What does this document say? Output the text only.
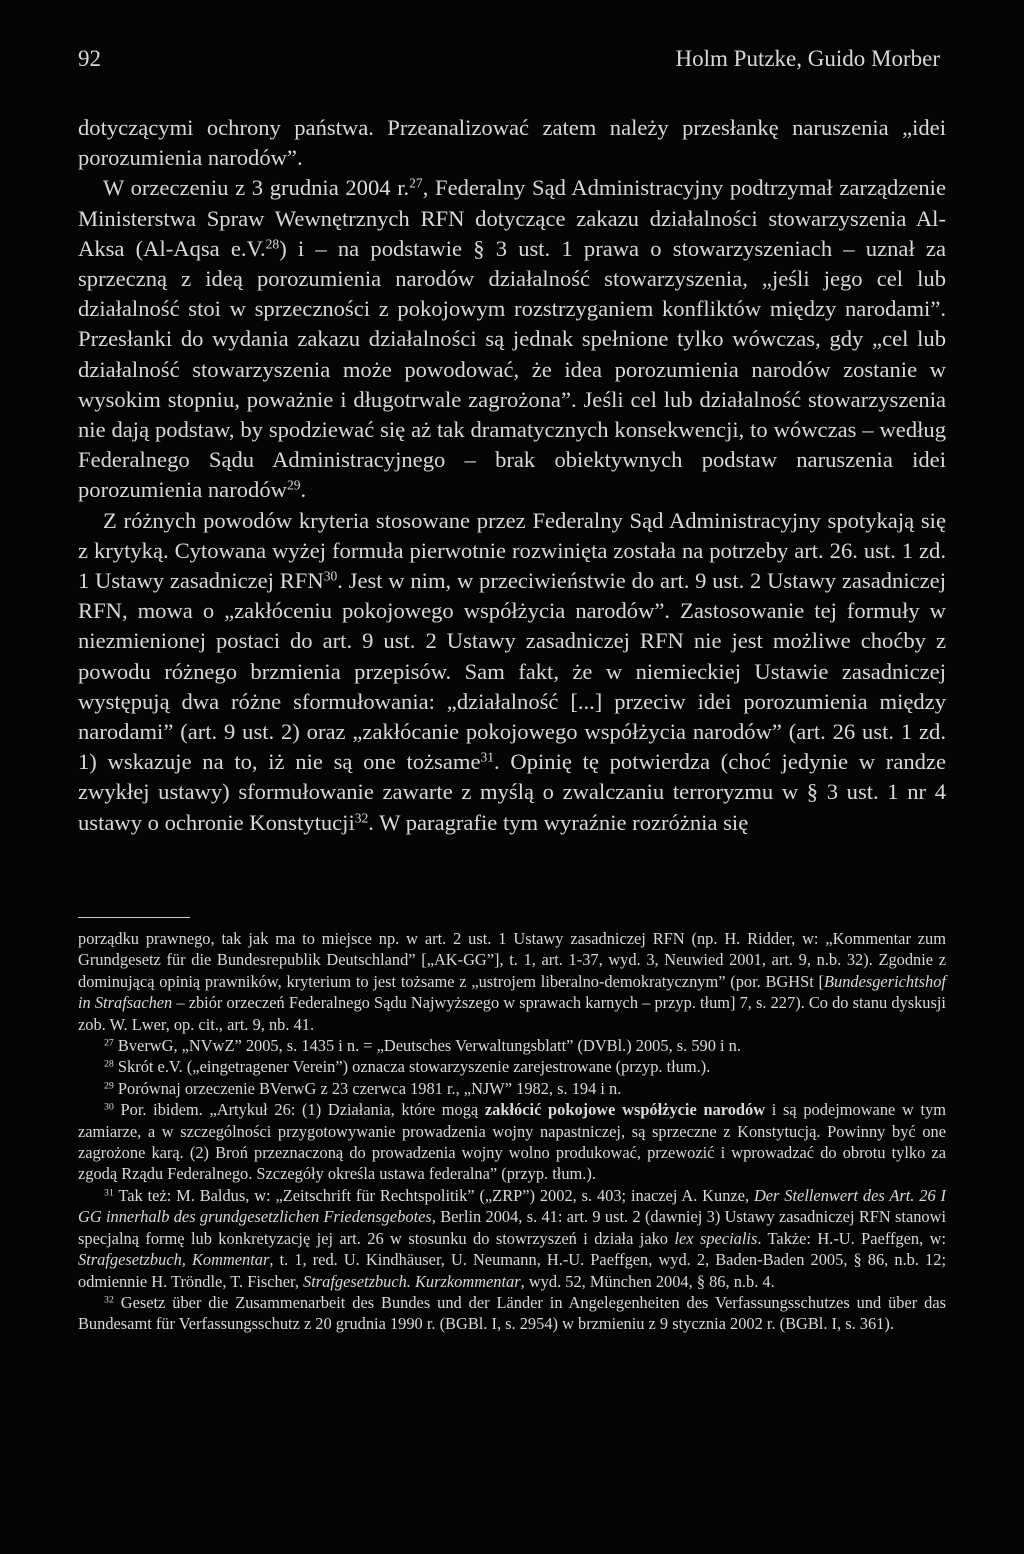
92	Holm Putzke, Guido Morber

dotyczącymi ochrony państwa. Przeanalizować zatem należy przesłankę naruszenia „idei porozumienia narodów”.

W orzeczeniu z 3 grudnia 2004 r.$^{27}$, Federalny Sąd Administracyjny podtrzymał zarządzenie Ministerstwa Spraw Wewnętrznych RFN dotyczące zakazu działalności stowarzyszenia Al-Aksa (Al-Aqsa e.V.$^{28}$) i – na podstawie § 3 ust. 1 prawa o stowarzyszeniach – uznał za sprzeczną z ideą porozumienia narodów działalność stowarzyszenia, „jeśli jego cel lub działalność stoi w sprzeczności z pokojowym rozstrzyganiem konfliktów między narodami”. Przesłanki do wydania zakazu działalności są jednak spełnione tylko wówczas, gdy „cel lub działalność stowarzyszenia może powodować, że idea porozumienia narodów zostanie w wysokim stopniu, poważnie i długotrwale zagrożona”. Jeśli cel lub działalność stowarzyszenia nie dają podstaw, by spodziewać się aż tak dramatycznych konsekwencji, to wówczas – według Federalnego Sądu Administracyjnego – brak obiektywnych podstaw naruszenia idei porozumienia narodów$^{29}$.

Z różnych powodów kryteria stosowane przez Federalny Sąd Administracyjny spotykają się z krytyką. Cytowana wyżej formuła pierwotnie rozwinięta została na potrzeby art. 26. ust. 1 zd. 1 Ustawy zasadniczej RFN$^{30}$. Jest w nim, w przeciwieństwie do art. 9 ust. 2 Ustawy zasadniczej RFN, mowa o „zakłóceniu pokojowego współżycia narodów”. Zastosowanie tej formuły w niezmienionej postaci do art. 9 ust. 2 Ustawy zasadniczej RFN nie jest możliwe choćby z powodu różnego brzmienia przepisów. Sam fakt, że w niemieckiej Ustawie zasadniczej występują dwa różne sformułowania: „działalność [...] przeciw idei porozumienia między narodami” (art. 9 ust. 2) oraz „zakłócanie pokojowego współżycia narodów” (art. 26 ust. 1 zd. 1) wskazuje na to, iż nie są one tożsame$^{31}$. Opinię tę potwierdza (choć jedynie w randze zwykłej ustawy) sformułowanie zawarte z myślą o zwalczaniu terroryzmu w § 3 ust. 1 nr 4 ustawy o ochronie Konstytucji$^{32}$. W paragrafie tym wyraźnie rozróżnia się

porządku prawnego, tak jak ma to miejsce np. w art. 2 ust. 1 Ustawy zasadniczej RFN (np. H. Ridder, w: „Kommentar zum Grundgesetz für die Bundesrepublik Deutschland” [„AK-GG”], t. 1, art. 1-37, wyd. 3, Neuwied 2001, art. 9, n.b. 32). Zgodnie z dominującą opinią prawników, kryterium to jest tożsame z „ustrojem liberalno-demokratycznym” (por. BGHSt [Bundesgerichtshof in Strafsachen – zbiór orzeczeń Federalnego Sądu Najwyższego w sprawach karnych – przyp. tłum] 7, s. 227). Co do stanu dyskusji zob. W. Lwer, op. cit., art. 9, nb. 41.

$^{27}$ BverwG, „NVwZ” 2005, s. 1435 i n. = „Deutsches Verwaltungsblatt” (DVBl.) 2005, s. 590 i n.

$^{28}$ Skrót e.V. („eingetragener Verein”) oznacza stowarzyszenie zarejestrowane (przyp. tłum.).

$^{29}$ Porównaj orzeczenie BVerwG z 23 czerwca 1981 r., „NJW” 1982, s. 194 i n.

$^{30}$ Por. ibidem. „Artykuł 26: (1) Działania, które mogą zakłócić pokojowe współżycie narodów i są podejmowane w tym zamiarze, a w szczególności przygotowywanie prowadzenia wojny napastniczej, są sprzeczne z Konstytucją. Powinny być one zagrożone karą. (2) Broń przeznaczoną do prowadzenia wojny wolno produkować, przewozić i wprowadzać do obrotu tylko za zgodą Rządu Federalnego. Szczegóły określa ustawa federalna” (przyp. tłum.).

$^{31}$ Tak też: M. Baldus, w: „Zeitschrift für Rechtspolitik” („ZRP”) 2002, s. 403; inaczej A. Kunze, Der Stellenwert des Art. 26 I GG innerhalb des grundgesetzlichen Friedensgebotes, Berlin 2004, s. 41: art. 9 ust. 2 (dawniej 3) Ustawy zasadniczej RFN stanowi specjalną formę lub konkretyzację jej art. 26 w stosunku do stowrzyszeń i działa jako lex specialis. Także: H.-U. Paeffgen, w: Strafgesetzbuch, Kommentar, t. 1, red. U. Kindhäuser, U. Neumann, H.-U. Paeffgen, wyd. 2, Baden-Baden 2005, § 86, n.b. 12; odmiennie H. Tröndle, T. Fischer, Strafgesetzbuch. Kurzkommentar, wyd. 52, München 2004, § 86, n.b. 4.

$^{32}$ Gesetz über die Zusammenarbeit des Bundes und der Länder in Angelegenheiten des Verfassungsschutzes und über das Bundesamt für Verfassungsschutz z 20 grudnia 1990 r. (BGBl. I, s. 2954) w brzmieniu z 9 stycznia 2002 r. (BGBl. I, s. 361).
